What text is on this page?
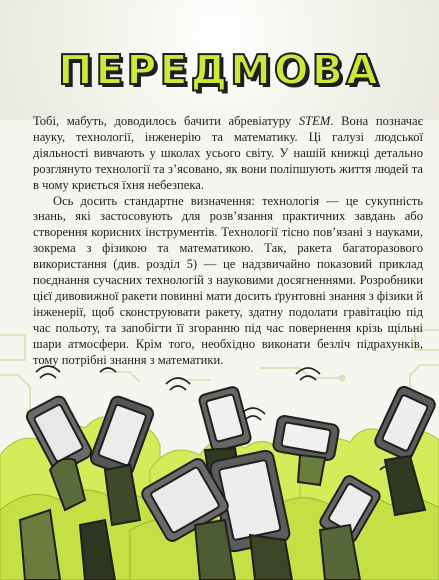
ПЕРЕДМОВА

Тобі, мабуть, доводилось бачити абревіатуру STEM. Вона позначає науку, технології, інженерію та математику. Ці галузі людської діяльності вивчають у школах усього світу. У нашій книжці детально розглянуто технології та з’ясовано, як вони поліпшують життя людей та в чому криється їхня небезпека.

Ось досить стандартне визначення: технологія — це сукупність знань, які застосовують для розв’язання практичних завдань або створення корисних інструментів. Технології тісно пов’язані з науками, зокрема з фізикою та математикою. Так, ракета багаторазового використання (див. розділ 5) — це надзвичайно показовий приклад поєднання сучасних технологій з науковими досягненнями. Розробники цієї дивовижної ракети повинні мати досить ґрунтовні знання з фізики й інженерії, щоб сконструювати ракету, здатну подолати гравітацію під час польоту, та запобігти її згоранню під час повернення крізь щільні шари атмосфери. Крім того, необхідно виконати безліч підрахунків, тому потрібні знання з математики.
